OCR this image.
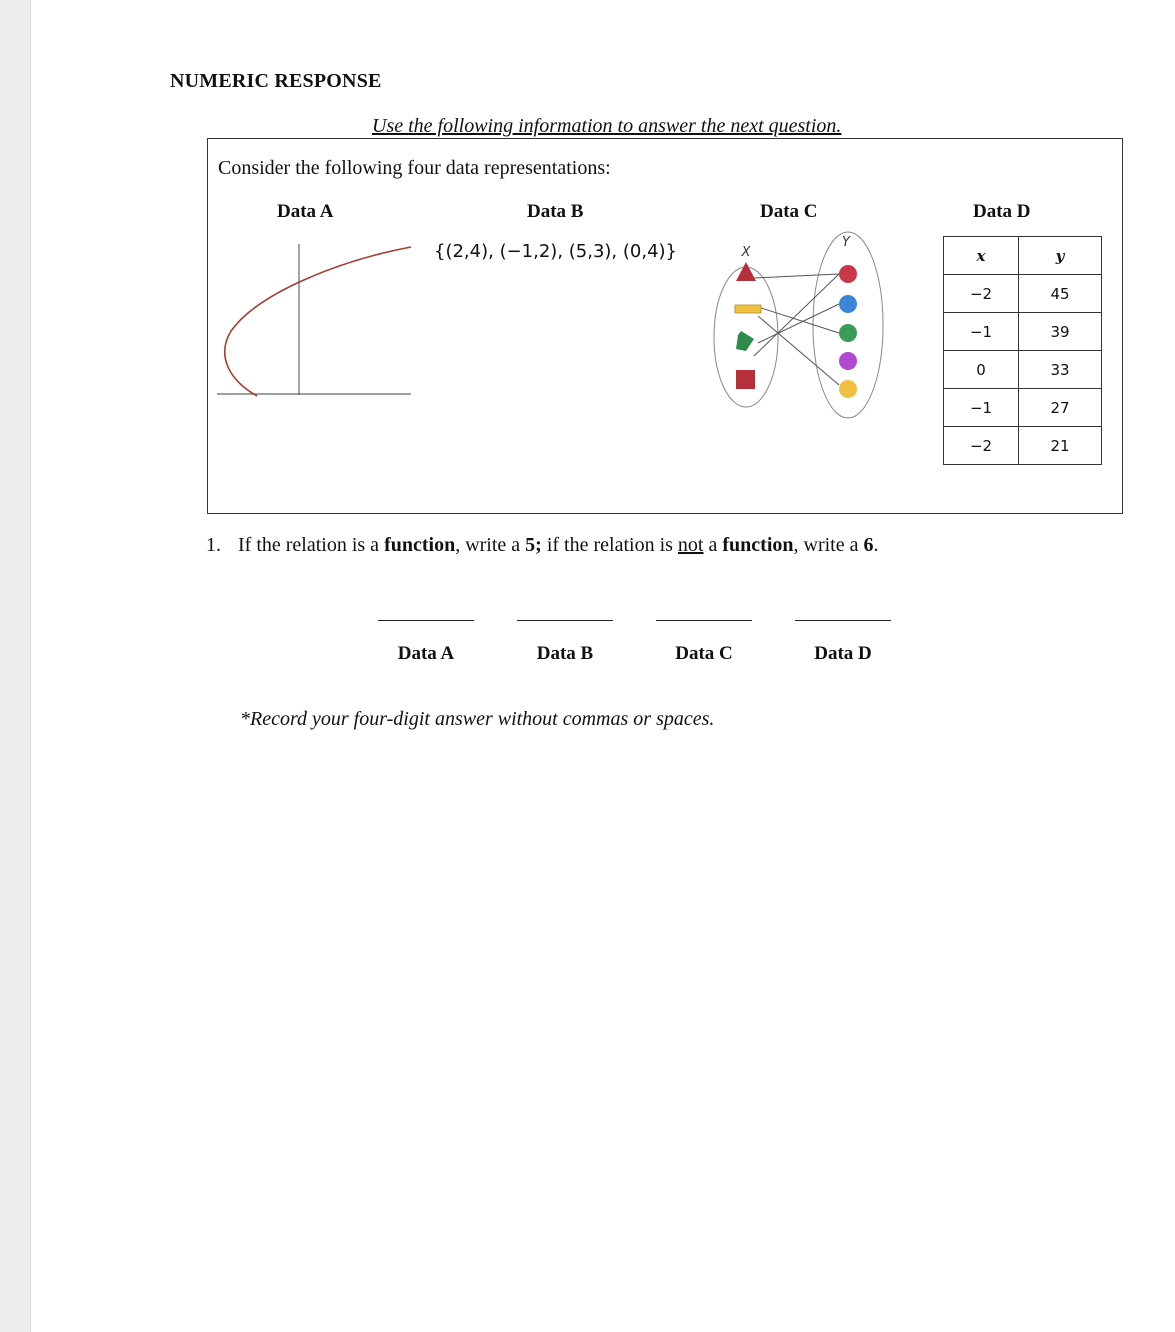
NUMERIC RESPONSE
Use the following information to answer the next question.
Consider the following four data representations:
Data A	Data B	Data C	Data D
{(2,4), (−1,2), (5,3), (0,4)}	X
Y
x	y
−2	45
−1	39
0	33
−1	27
−2	21
1. If the relation is a function, write a 5; if the relation is not a function, write a 6.
Data A	Data B	Data C	Data D
*Record your four-digit answer without commas or spaces.
